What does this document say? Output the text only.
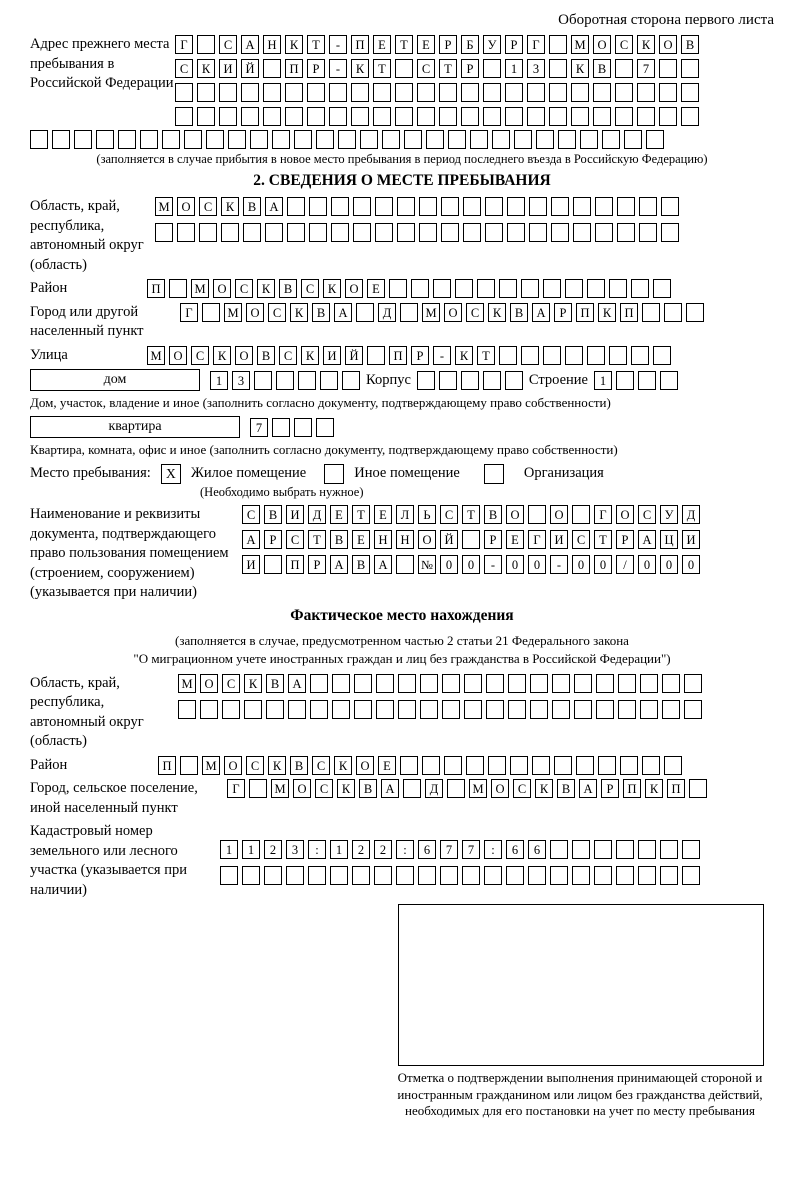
Оборотная сторона первого листа
Адрес прежнего места пребывания в Российской Федерации
Г	С	А	Н	К	Т	-	П	Е	Т	Е	Р	Б	У	Р	Г	М О	С	К	О	В
С	К	И	Й	П	Р	-	К	Т	С	Т	Р	1	3	К	В	7
(заполняется в случае прибытия в новое место пребывания в период последнего въезда в Российскую Федерацию)
2. СВЕДЕНИЯ О МЕСТЕ ПРЕБЫВАНИЯ
Область, край, республика, автономный округ (область)
М О	С	К	В	А
Район	П	М О	С	К	В	С	К	О	Е
Город или другой населенный пункт
Г	М О	С	К	В	А	Д	М О	С	К	В	А	Р	П	К	П
Улица	М О	С	К	О	В	С	К	И	Й	П	Р	-	К	Т
дом	1	3	Корпус	Строение 1
Дом, участок, владение и иное (заполнить согласно документу, подтверждающему право собственности)
квартира	7
Квартира, комната, офис и иное (заполнить согласно документу, подтверждающему право собственности)
Место пребывания:	X	Жилое помещение	Иное помещение	Организация
(Необходимо выбрать нужное)
Наименование и реквизиты документа, подтверждающего право пользования помещением (строением, сооружением) (указывается при наличии)
С	В	И	Д	Е	Т	Е	Л	Ь	С	Т	В	О	О	Г	О	С	У	Д
А	Р	С	Т	В	Е	Н	Н	О	Й	Р	Е	Г	И	С	Т	Р	А	Ц	И
И	П	Р	А	В	А	№	0	0	-	0	0	-	0	0	/	0	0	0
Фактическое место нахождения
(заполняется в случае, предусмотренном частью 2 статьи 21 Федерального закона
"О миграционном учете иностранных граждан и лиц без гражданства в Российской Федерации")
Область, край, республика, автономный округ (область)
М О	С	К	В	А
Район	П	М О	С	К	В	С	К	О	Е
Город, сельское поселение, иной населенный пункт
Г	М О	С	К	В	А	Д	М О	С	К	В	А	Р	П	К	П
Кадастровый номер земельного или лесного участка (указывается при наличии)
1	1	2	3	:	1	2	2	:	6	7	7	:	6	6
Отметка о подтверждении выполнения принимающей стороной и иностранным гражданином или лицом без гражданства действий, необходимых для его постановки на учет по месту пребывания
